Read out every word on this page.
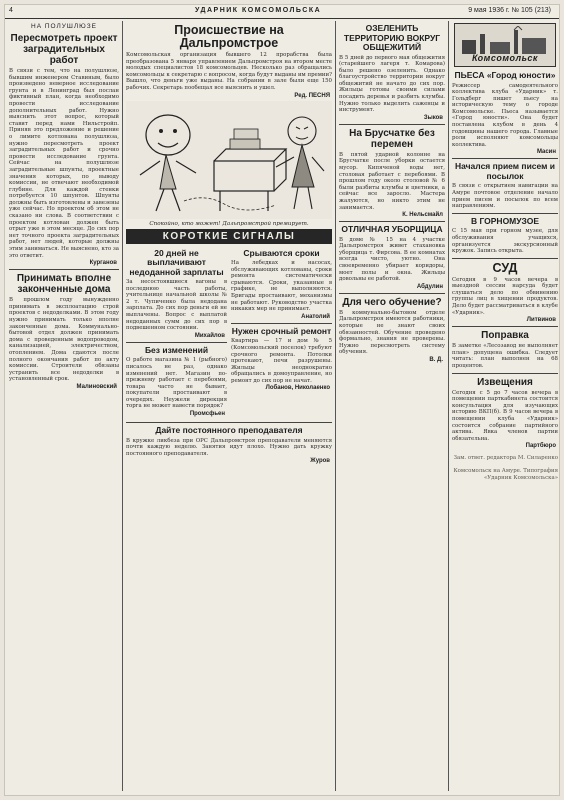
4	УДАРНИК КОМСОМОЛЬСКА	9 мая 1936 г. № 105 (213)
НА ПОЛУШЛЮЗЕ
Пересмотреть проект заградительных работ
В связи с тем, что на полушлюзе, бывшим инженером Ставиным, было произведено неверное исследование грунта и в Ленинград был послан фиктивный план, когда необходимо провести исследование дополнительных работ. Нужно выяснить этот вопрос, который ставит перед нами Нильстройп. Приняв это предложение и решение о лимите котлована полушлюза, нужно пересмотреть проект заградительных работ и срочно провести исследование грунта. Сейчас на полушлюзе заградительные шпунты, проектные значения которых, по выводу комиссии, не отвечают необходимой глубине. Для каждой стенки потребуется 10 шпунтов. Шпунты должны быть изготовлены и завезены уже сейчас. Но проектом об этом не сказано ни слова. В соответствии с проектом котлован должен быть отрыт уже в этом месяце. До сих пор нет точного проекта заградительных работ, нет людей, которые должны этим заниматься. Не выяснено, кто за это ответит.
Курганов
Принимать вполне законченные дома
В прошлом году вынужденно принимать в эксплоатацию строй проектов с недоделками. В этом году нужно принимать только вполне законченные дома. Коммунально-бытовой отдел должен принимать дома с проведенным водопроводом, канализацией, электричеством, отоплением. Дома сдаются после полного окончания работ по акту комиссии. Строители обязаны устранить все недоделки в установленный срок.
Малиновский
Происшествие на Дальпромстрое
Комсомольская организация бывшего 12 прорабства была преобразована 5 января управлением Дальпромстроя на втором месте молодых специалистов 18 комсомольцев. Несколько раз обращались комсомольцы к секретарю с вопросом, когда будут выданы им премии? Вышло, что деньги уже выданы. На собрании в зале были еще 150 рабочих. Секретарь пообещал все выяснить и ушел.
Ред. ПЕСНЯ
Спокойно, кто может! Дальпромстрой премирует.
КОРОТКИЕ СИГНАЛЫ
20 дней не выплачивают недоданной зарплаты
За несостоявшиеся вагоны в последнюю часть работы, учительнице начальной школы № 2 т. Чупиченко была недодана зарплата. До сих пор деньги ей не выплачены. Вопрос с выплатой недоданных сумм до сих пор в подвешенном состоянии.
Михайлов
Без изменений
О работе магазина № 1 (рыбного) писалось не раз, однако изменений нет. Магазин по-прежнему работает с перебоями, товара часто не бывает, покупатели простаивают в очередях. Неужели дирекция торга не может навести порядок?
Промсфьен
Срываются сроки
На лебедках и насосах, обслуживающих котлованы, сроки ремонта систематически срываются. Сроки, указанные в графике, не выполняются. Бригады простаивают, механизмы не работают. Руководство участка никаких мер не принимает.
Анатолий
Нужен срочный ремонт
Квартира — 17 и дом № 5 (Комсомольский поселок) требуют срочного ремонта. Потолки протекают, печи разрушены. Жильцы неоднократно обращались в домоуправление, но ремонт до сих пор не начат.
Лобанов, Николаенко
Дайте постоянного преподавателя
В кружке ликбеза при ОРС Дальпромстроя преподаватели меняются почти каждую неделю. Занятия идут плохо. Нужно дать кружку постоянного преподавателя.
Журов
ОЗЕЛЕНИТЬ ТЕРРИТОРИЮ ВОКРУГ ОБЩЕЖИТИЙ
В 5 дней до первого мая общежития (старейшего лагеря т. Комарова) было решено озеленить. Однако благоустройство территории вокруг общежитий не начато до сих пор. Жильцы готовы своими силами посадить деревья и разбить клумбы. Нужно только выделить саженцы и инструмент.
Зыков
На Брусчатке без перемен
В пятой ударной колонне на Брусчатке после уборки остается мусор. Кипяченой воды нет, столовая работает с перебоями. В прошлом году около столовой № 6 были разбиты клумбы и цветники, а сейчас все заросло. Мастера жалуются, но никто этим не занимается.
К. Нельсмайл
ОТЛИЧНАЯ УБОРЩИЦА
В доме № 15 на 4 участке Дальпромстроя живет стахановка уборщица т. Фирсова. В ее комнатах всегда чисто, уютно. Она своевременно убирает коридоры, моет полы и окна. Жильцы довольны ее работой.
Абдулин
Для чего обучение?
В коммунально-бытовом отделе Дальпромстроя имеются работники, которые не знают своих обязанностей. Обучение проведено формально, знания не проверены. Нужно пересмотреть систему обучения.
В. Д.
Комсомольск
ПЬЕСА «Город юности»
Режиссер самодеятельного коллектива клуба «Ударник» т. Гольдберг пишет пьесу на историческую тему о городе Комсомольске. Пьеса называется «Город юности». Она будет поставлена клубом в день 4 годовщины нашего города. Главные роли исполняют комсомольцы коллектива.
Масин
Начался прием писем и посылок
В связи с открытием навигации на Амуре почтовое отделение начало прием писем и посылок по всем направлениям.
В ГОРНОМУЗОЕ
С 15 мая при горном музее, для обслуживания учащихся, организуется экскурсионный кружок. Запись открыта.
СУД
Сегодня в 9 часов вечера в выездной сессии нарсуда будет слушаться дело по обвинению группы лиц в хищении продуктов. Дело будет рассматриваться в клубе «Ударник».
Литвинов
Поправка
В заметке «Лесозавод не выполняет план» допущена ошибка. Следует читать: план выполнен на 68 процентов.
Извещения
Сегодня с 5 до 7 часов вечера в помещении парткабинета состоится консультация для изучающих историю ВКП(б). В 9 часов вечера в помещении клуба «Ударник» состоится собрание партийного актива. Явка членов партии обязательна.
Партбюро
Зам. ответ. редактора М. Силаренко
Комсомольск на Амуре. Типография «Ударник Комсомольска»
